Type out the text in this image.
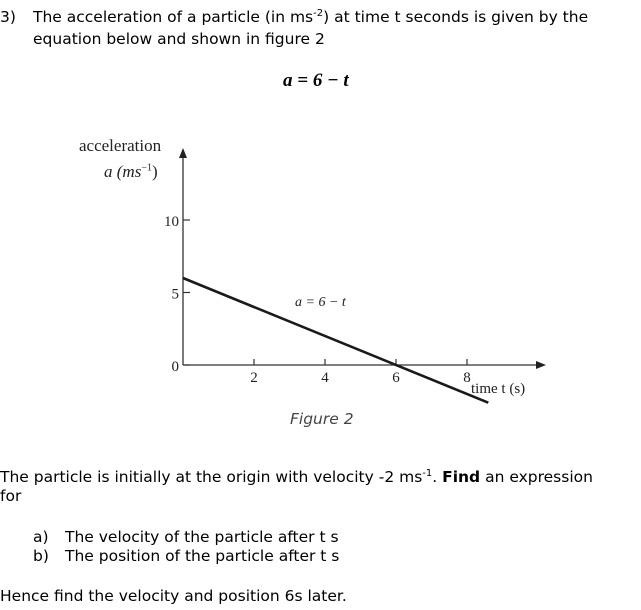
3) The acceleration of a particle (in $ms^{-2}$) at time t seconds is given by the
equation below and shown in figure 2
a = 6 − t
acceleration
a $(ms^{-1})$
0
5
10
2	4	6	8
a = 6 − t
time t (s)
Figure 2
The particle is initially at the origin with velocity -2 $ms^{-1}$. Find an expression
for
a) The velocity of the particle after t s
b) The position of the particle after t s
Hence find the velocity and position 6s later.
